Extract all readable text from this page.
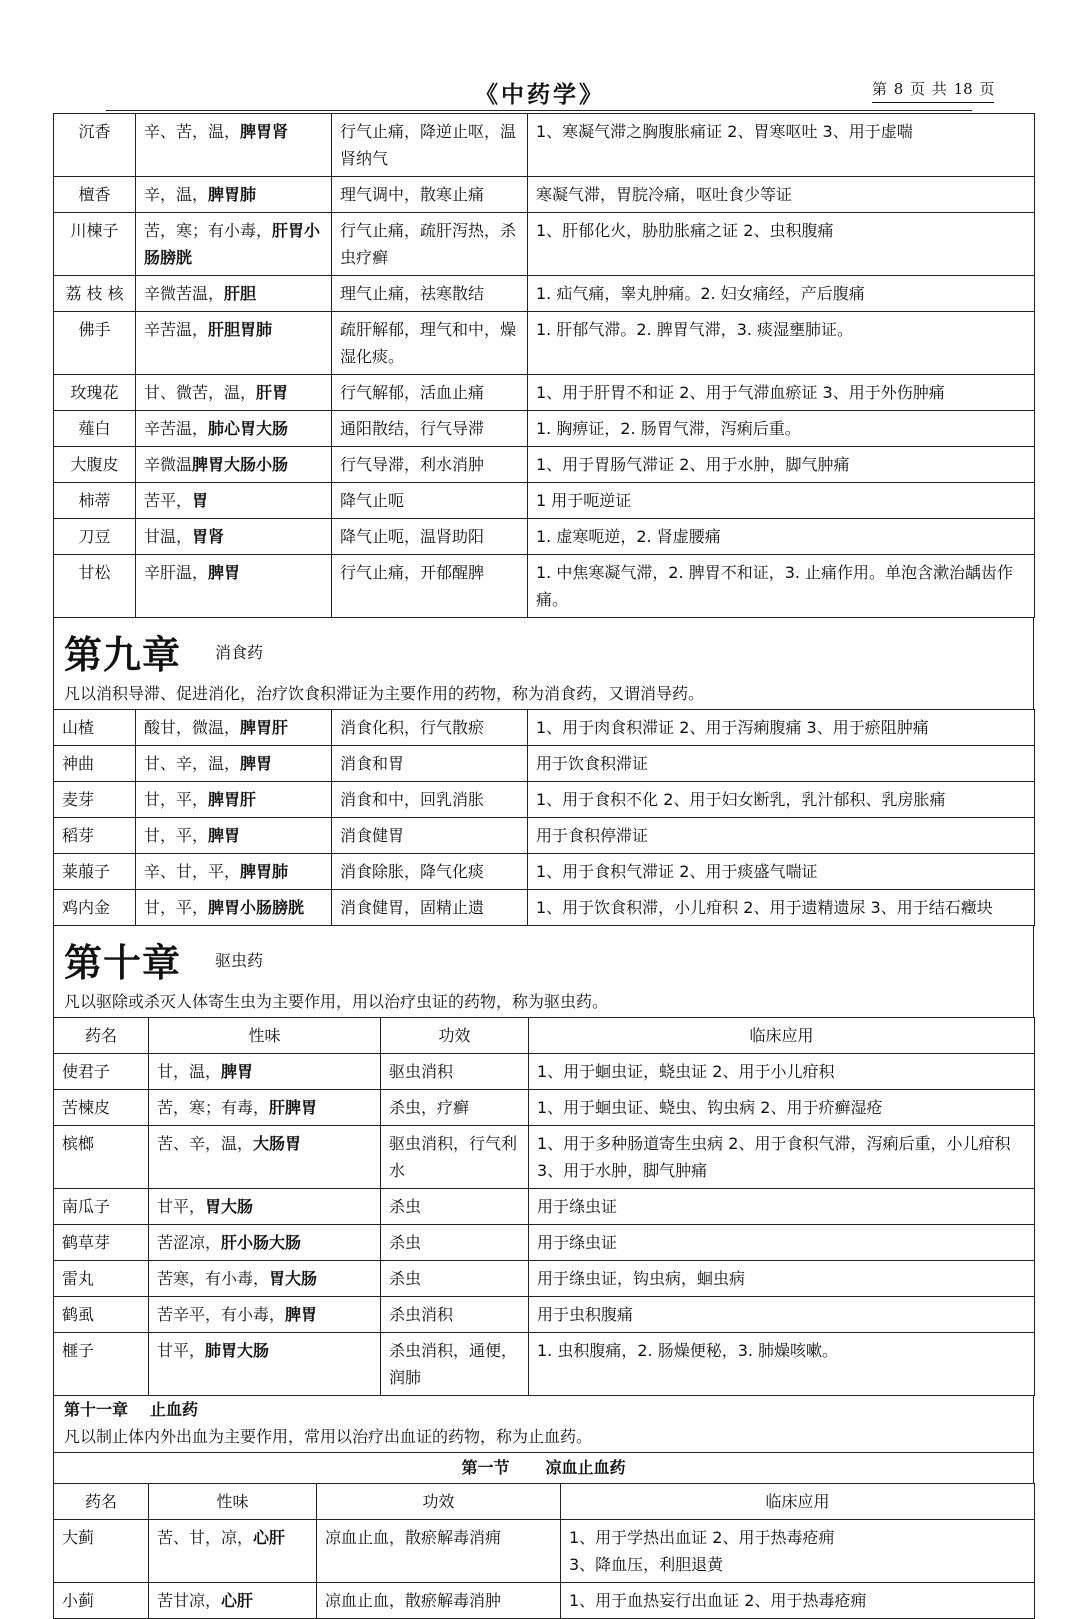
《中药学》	第 8 页 共 18 页
沉香	辛、苦，温，脾胃肾	行气止痛，降逆止呕，温肾纳气	1、寒凝气滞之胸腹胀痛证 2、胃寒呕吐 3、用于虚喘
檀香	辛，温，脾胃肺	理气调中，散寒止痛	寒凝气滞，胃脘冷痛，呕吐食少等证
川楝子	苦，寒；有小毒，肝胃小肠膀胱	行气止痛，疏肝泻热，杀虫疗癣	1、肝郁化火，胁肋胀痛之证 2、虫积腹痛
荔 枝 核	辛微苦温，肝胆	理气止痛，祛寒散结	1. 疝气痛，睾丸肿痛。2. 妇女痛经，产后腹痛
佛手	辛苦温，肝胆胃肺	疏肝解郁，理气和中，燥湿化痰。	1. 肝郁气滞。2. 脾胃气滞，3. 痰湿壅肺证。
玫瑰花	甘、微苦，温，肝胃	行气解郁，活血止痛	1、用于肝胃不和证 2、用于气滞血瘀证 3、用于外伤肿痛
薤白	辛苦温，肺心胃大肠	通阳散结，行气导滞	1. 胸痹证，2. 肠胃气滞，泻痢后重。
大腹皮	辛微温脾胃大肠小肠	行气导滞，利水消肿	1、用于胃肠气滞证 2、用于水肿，脚气肿痛
柿蒂	苦平，胃	降气止呃	1 用于呃逆证
刀豆	甘温，胃肾	降气止呃，温肾助阳	1. 虚寒呃逆，2. 肾虚腰痛
甘松	辛肝温，脾胃	行气止痛，开郁醒脾	1. 中焦寒凝气滞，2. 脾胃不和证，3. 止痛作用。单泡含漱治龋齿作痛。
第九章 消食药
凡以消积导滞、促进消化，治疗饮食积滞证为主要作用的药物，称为消食药，又谓消导药。
山楂	酸甘，微温，脾胃肝	消食化积，行气散瘀	1、用于肉食积滞证 2、用于泻痢腹痛 3、用于瘀阻肿痛
神曲	甘、辛，温，脾胃	消食和胃	用于饮食积滞证
麦芽	甘，平，脾胃肝	消食和中，回乳消胀	1、用于食积不化 2、用于妇女断乳，乳汁郁积、乳房胀痛
稻芽	甘，平，脾胃	消食健胃	用于食积停滞证
莱菔子	辛、甘，平，脾胃肺	消食除胀，降气化痰	1、用于食积气滞证 2、用于痰盛气喘证
鸡内金	甘，平，脾胃小肠膀胱	消食健胃，固精止遗	1、用于饮食积滞，小儿疳积 2、用于遗精遗尿 3、用于结石癥块
第十章 驱虫药
凡以驱除或杀灭人体寄生虫为主要作用，用以治疗虫证的药物，称为驱虫药。
药名	性味	功效	临床应用
使君子	甘，温，脾胃	驱虫消积	1、用于蛔虫证，蛲虫证 2、用于小儿疳积
苦楝皮	苦，寒；有毒，肝脾胃	杀虫，疗癣	1、用于蛔虫证、蛲虫、钩虫病 2、用于疥癣湿疮
槟榔	苦、辛，温，大肠胃	驱虫消积，行气利水	1、用于多种肠道寄生虫病 2、用于食积气滞，泻痢后重，小儿疳积 3、用于水肿，脚气肿痛
南瓜子	甘平，胃大肠	杀虫	用于绦虫证
鹤草芽	苦涩凉，肝小肠大肠	杀虫	用于绦虫证
雷丸	苦寒，有小毒，胃大肠	杀虫	用于绦虫证，钩虫病，蛔虫病
鹤虱	苦辛平，有小毒，脾胃	杀虫消积	用于虫积腹痛
榧子	甘平，肺胃大肠	杀虫消积，通便，润肺	1. 虫积腹痛，2. 肠燥便秘，3. 肺燥咳嗽。
第十一章 止血药
凡以制止体内外出血为主要作用，常用以治疗出血证的药物，称为止血药。
第一节 凉血止血药
药名	性味	功效	临床应用
大蓟	苦、甘，凉，心肝	凉血止血，散瘀解毒消痈	1、用于学热出血证 2、用于热毒疮痈
3、降血压，利胆退黄
小蓟	苦甘凉，心肝	凉血止血，散瘀解毒消肿	1、用于血热妄行出血证 2、用于热毒疮痈
